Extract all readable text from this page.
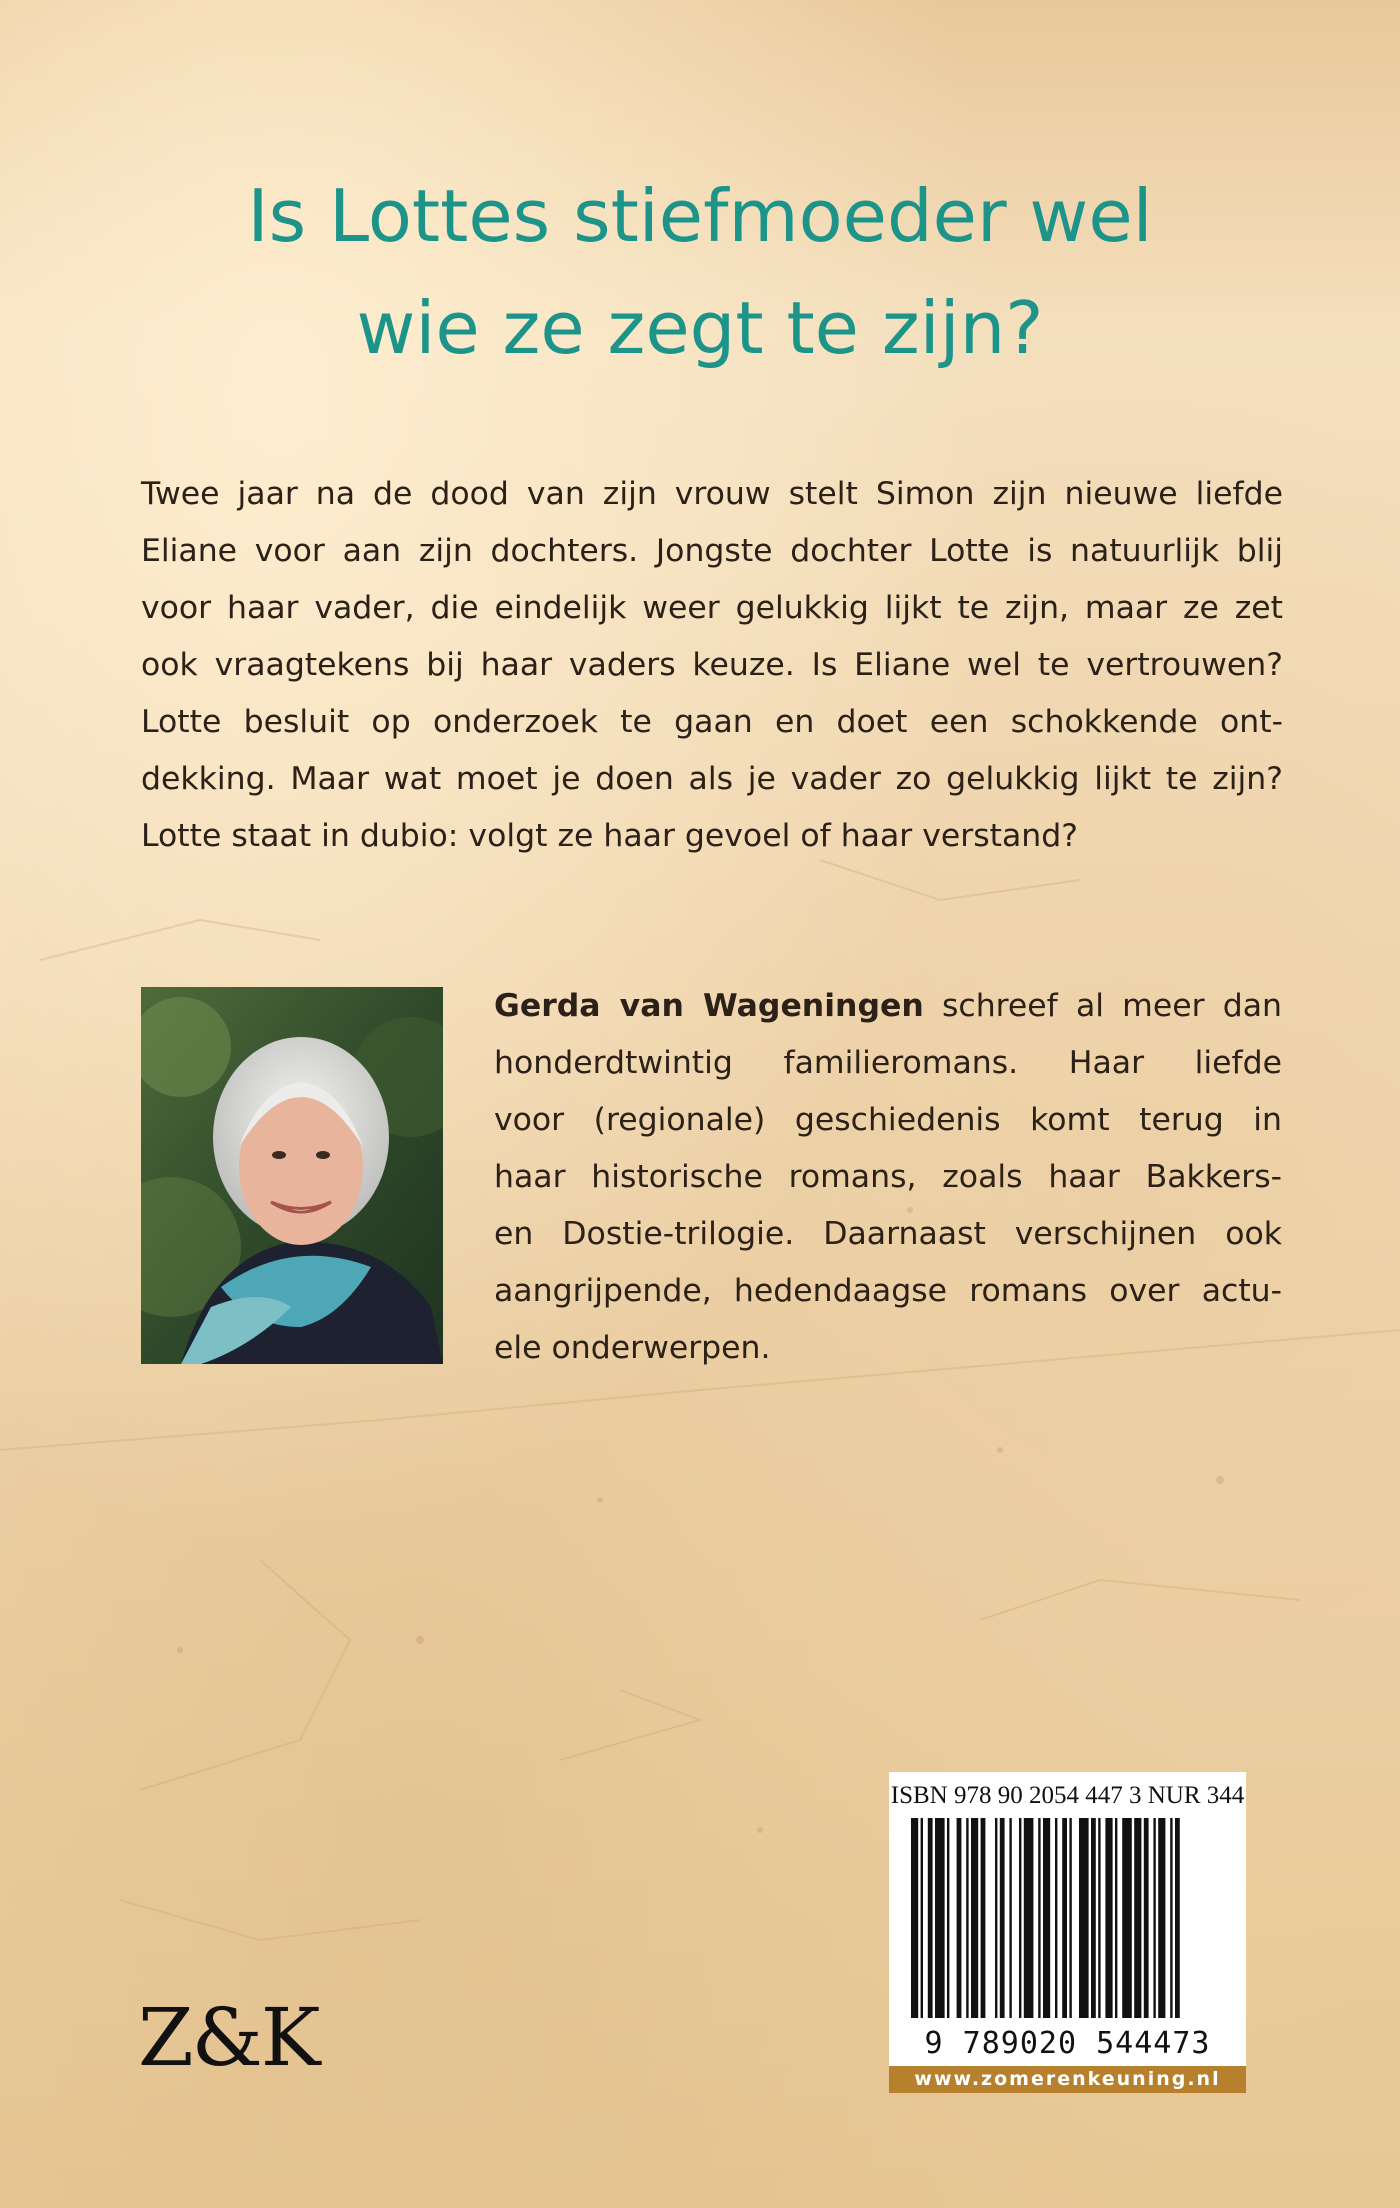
Is Lottes stiefmoeder wel
wie ze zegt te zijn?

Twee jaar na de dood van zijn vrouw stelt Simon zijn nieuwe liefde
Eliane voor aan zijn dochters. Jongste dochter Lotte is natuurlijk blij
voor haar vader, die eindelijk weer gelukkig lijkt te zijn, maar ze zet
ook vraagtekens bij haar vaders keuze. Is Eliane wel te vertrouwen?
Lotte besluit op onderzoek te gaan en doet een schokkende ont-
dekking. Maar wat moet je doen als je vader zo gelukkig lijkt te zijn?
Lotte staat in dubio: volgt ze haar gevoel of haar verstand?

Gerda van Wageningen schreef al meer dan
honderdtwintig familieromans. Haar liefde
voor (regionale) geschiedenis komt terug in
haar historische romans, zoals haar Bakkers-
en Dostie-trilogie. Daarnaast verschijnen ook
aangrijpende, hedendaagse romans over actu-
ele onderwerpen.

Z&K
ISBN 978 90 2054 447 3 NUR 344
9 789020 544473
www.zomerenkeuning.nl
